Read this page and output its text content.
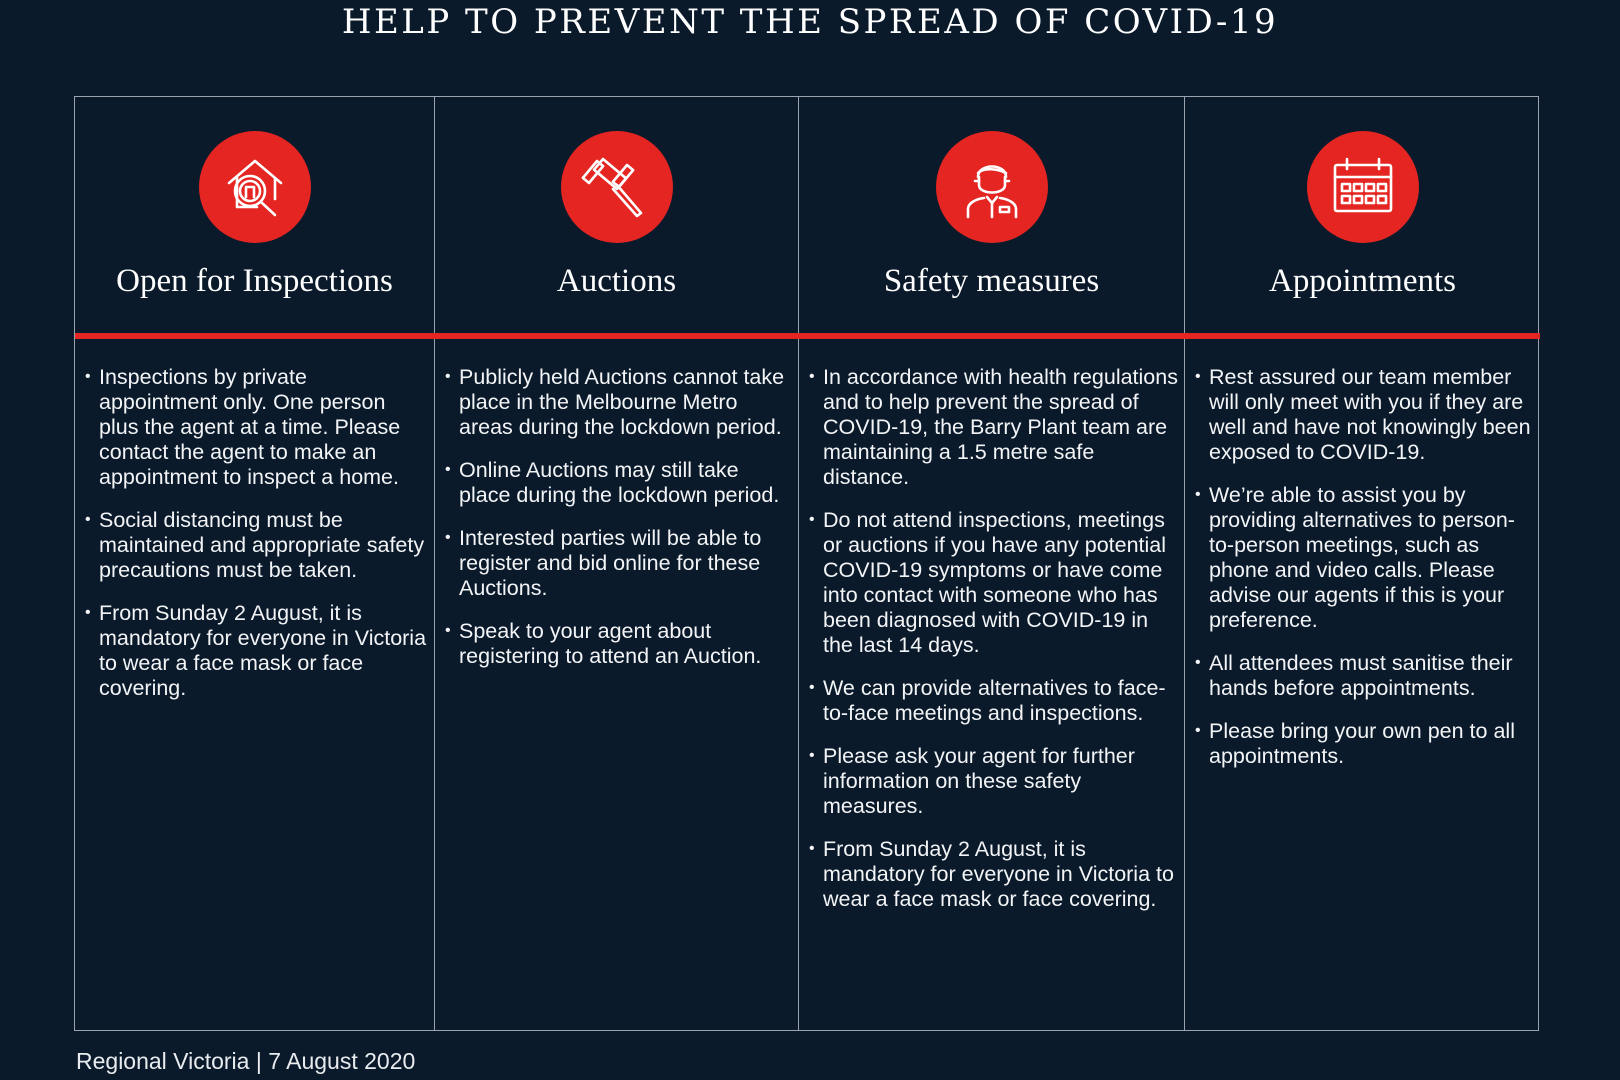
HELP TO PREVENT THE SPREAD OF COVID-19
Open for Inspections
• Inspections by private appointment only. One person plus the agent at a time. Please contact the agent to make an appointment to inspect a home.
• Social distancing must be maintained and appropriate safety precautions must be taken.
• From Sunday 2 August, it is mandatory for everyone in Victoria to wear a face mask or face covering.
Auctions
• Publicly held Auctions cannot take place in the Melbourne Metro areas during the lockdown period.
• Online Auctions may still take place during the lockdown period.
• Interested parties will be able to register and bid online for these Auctions.
• Speak to your agent about registering to attend an Auction.
Safety measures
• In accordance with health regulations and to help prevent the spread of COVID-19, the Barry Plant team are maintaining a 1.5 metre safe distance.
• Do not attend inspections, meetings or auctions if you have any potential COVID-19 symptoms or have come into contact with someone who has been diagnosed with COVID-19 in the last 14 days.
• We can provide alternatives to face-to-face meetings and inspections.
• Please ask your agent for further information on these safety measures.
• From Sunday 2 August, it is mandatory for everyone in Victoria to wear a face mask or face covering.
Appointments
• Rest assured our team member will only meet with you if they are well and have not knowingly been exposed to COVID-19.
• We’re able to assist you by providing alternatives to person-to-person meetings, such as phone and video calls. Please advise our agents if this is your preference.
• All attendees must sanitise their hands before appointments.
• Please bring your own pen to all appointments.
Regional Victoria | 7 August 2020
